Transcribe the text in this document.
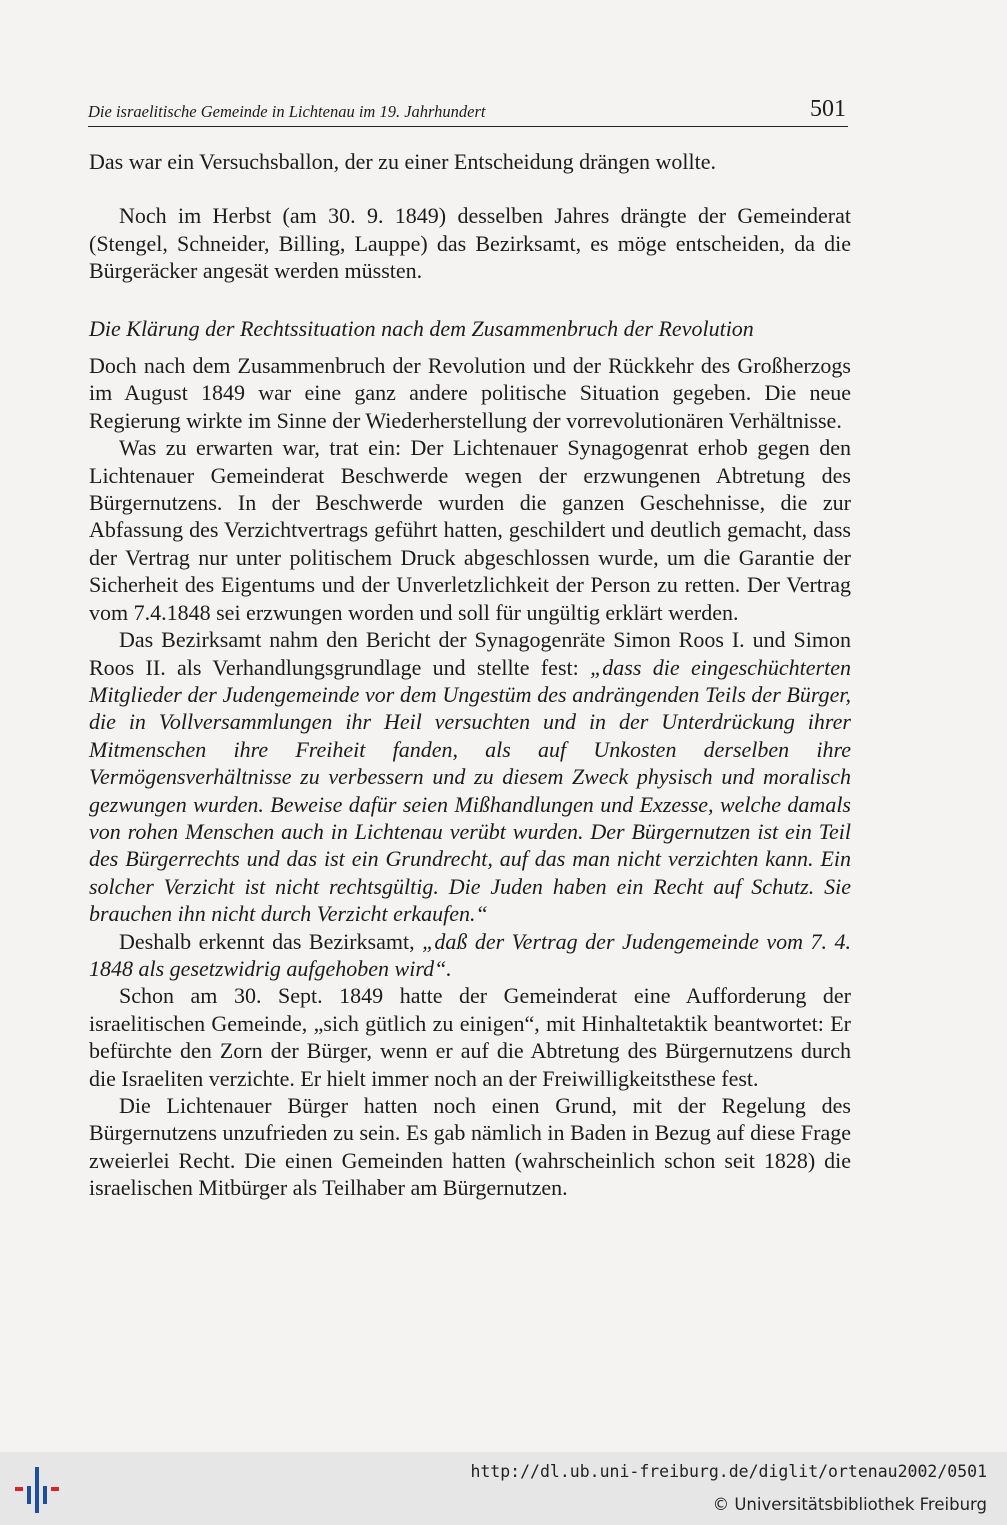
Die israelitische Gemeinde in Lichtenau im 19. Jahrhundert	501

Das war ein Versuchsballon, der zu einer Entscheidung drängen wollte.

Noch im Herbst (am 30. 9. 1849) desselben Jahres drängte der Gemeinderat (Stengel, Schneider, Billing, Lauppe) das Bezirksamt, es möge entscheiden, da die Bürgeräcker angesät werden müssten.

Die Klärung der Rechtssituation nach dem Zusammenbruch der Revolution

Doch nach dem Zusammenbruch der Revolution und der Rückkehr des Großherzogs im August 1849 war eine ganz andere politische Situation gegeben. Die neue Regierung wirkte im Sinne der Wiederherstellung der vorrevolutionären Verhältnisse.

Was zu erwarten war, trat ein: Der Lichtenauer Synagogenrat erhob gegen den Lichtenauer Gemeinderat Beschwerde wegen der erzwungenen Abtretung des Bürgernutzens. In der Beschwerde wurden die ganzen Geschehnisse, die zur Abfassung des Verzichtvertrags geführt hatten, geschildert und deutlich gemacht, dass der Vertrag nur unter politischem Druck abgeschlossen wurde, um die Garantie der Sicherheit des Eigentums und der Unverletzlichkeit der Person zu retten. Der Vertrag vom 7.4.1848 sei erzwungen worden und soll für ungültig erklärt werden.

Das Bezirksamt nahm den Bericht der Synagogenräte Simon Roos I. und Simon Roos II. als Verhandlungsgrundlage und stellte fest: „dass die eingeschüchterten Mitglieder der Judengemeinde vor dem Ungestüm des andrängenden Teils der Bürger, die in Vollversammlungen ihr Heil versuchten und in der Unterdrückung ihrer Mitmenschen ihre Freiheit fanden, als auf Unkosten derselben ihre Vermögensverhältnisse zu verbessern und zu diesem Zweck physisch und moralisch gezwungen wurden. Beweise dafür seien Mißhandlungen und Exzesse, welche damals von rohen Menschen auch in Lichtenau verübt wurden. Der Bürgernutzen ist ein Teil des Bürgerrechts und das ist ein Grundrecht, auf das man nicht verzichten kann. Ein solcher Verzicht ist nicht rechtsgültig. Die Juden haben ein Recht auf Schutz. Sie brauchen ihn nicht durch Verzicht erkaufen.“

Deshalb erkennt das Bezirksamt, „daß der Vertrag der Judengemeinde vom 7. 4. 1848 als gesetzwidrig aufgehoben wird“.

Schon am 30. Sept. 1849 hatte der Gemeinderat eine Aufforderung der israelitischen Gemeinde, „sich gütlich zu einigen“, mit Hinhaltetaktik beantwortet: Er befürchte den Zorn der Bürger, wenn er auf die Abtretung des Bürgernutzens durch die Israeliten verzichte. Er hielt immer noch an der Freiwilligkeitsthese fest.

Die Lichtenauer Bürger hatten noch einen Grund, mit der Regelung des Bürgernutzens unzufrieden zu sein. Es gab nämlich in Baden in Bezug auf diese Frage zweierlei Recht. Die einen Gemeinden hatten (wahrscheinlich schon seit 1828) die israelischen Mitbürger als Teilhaber am Bürgernutzen.

http://dl.ub.uni-freiburg.de/diglit/ortenau2002/0501
© Universitätsbibliothek Freiburg
